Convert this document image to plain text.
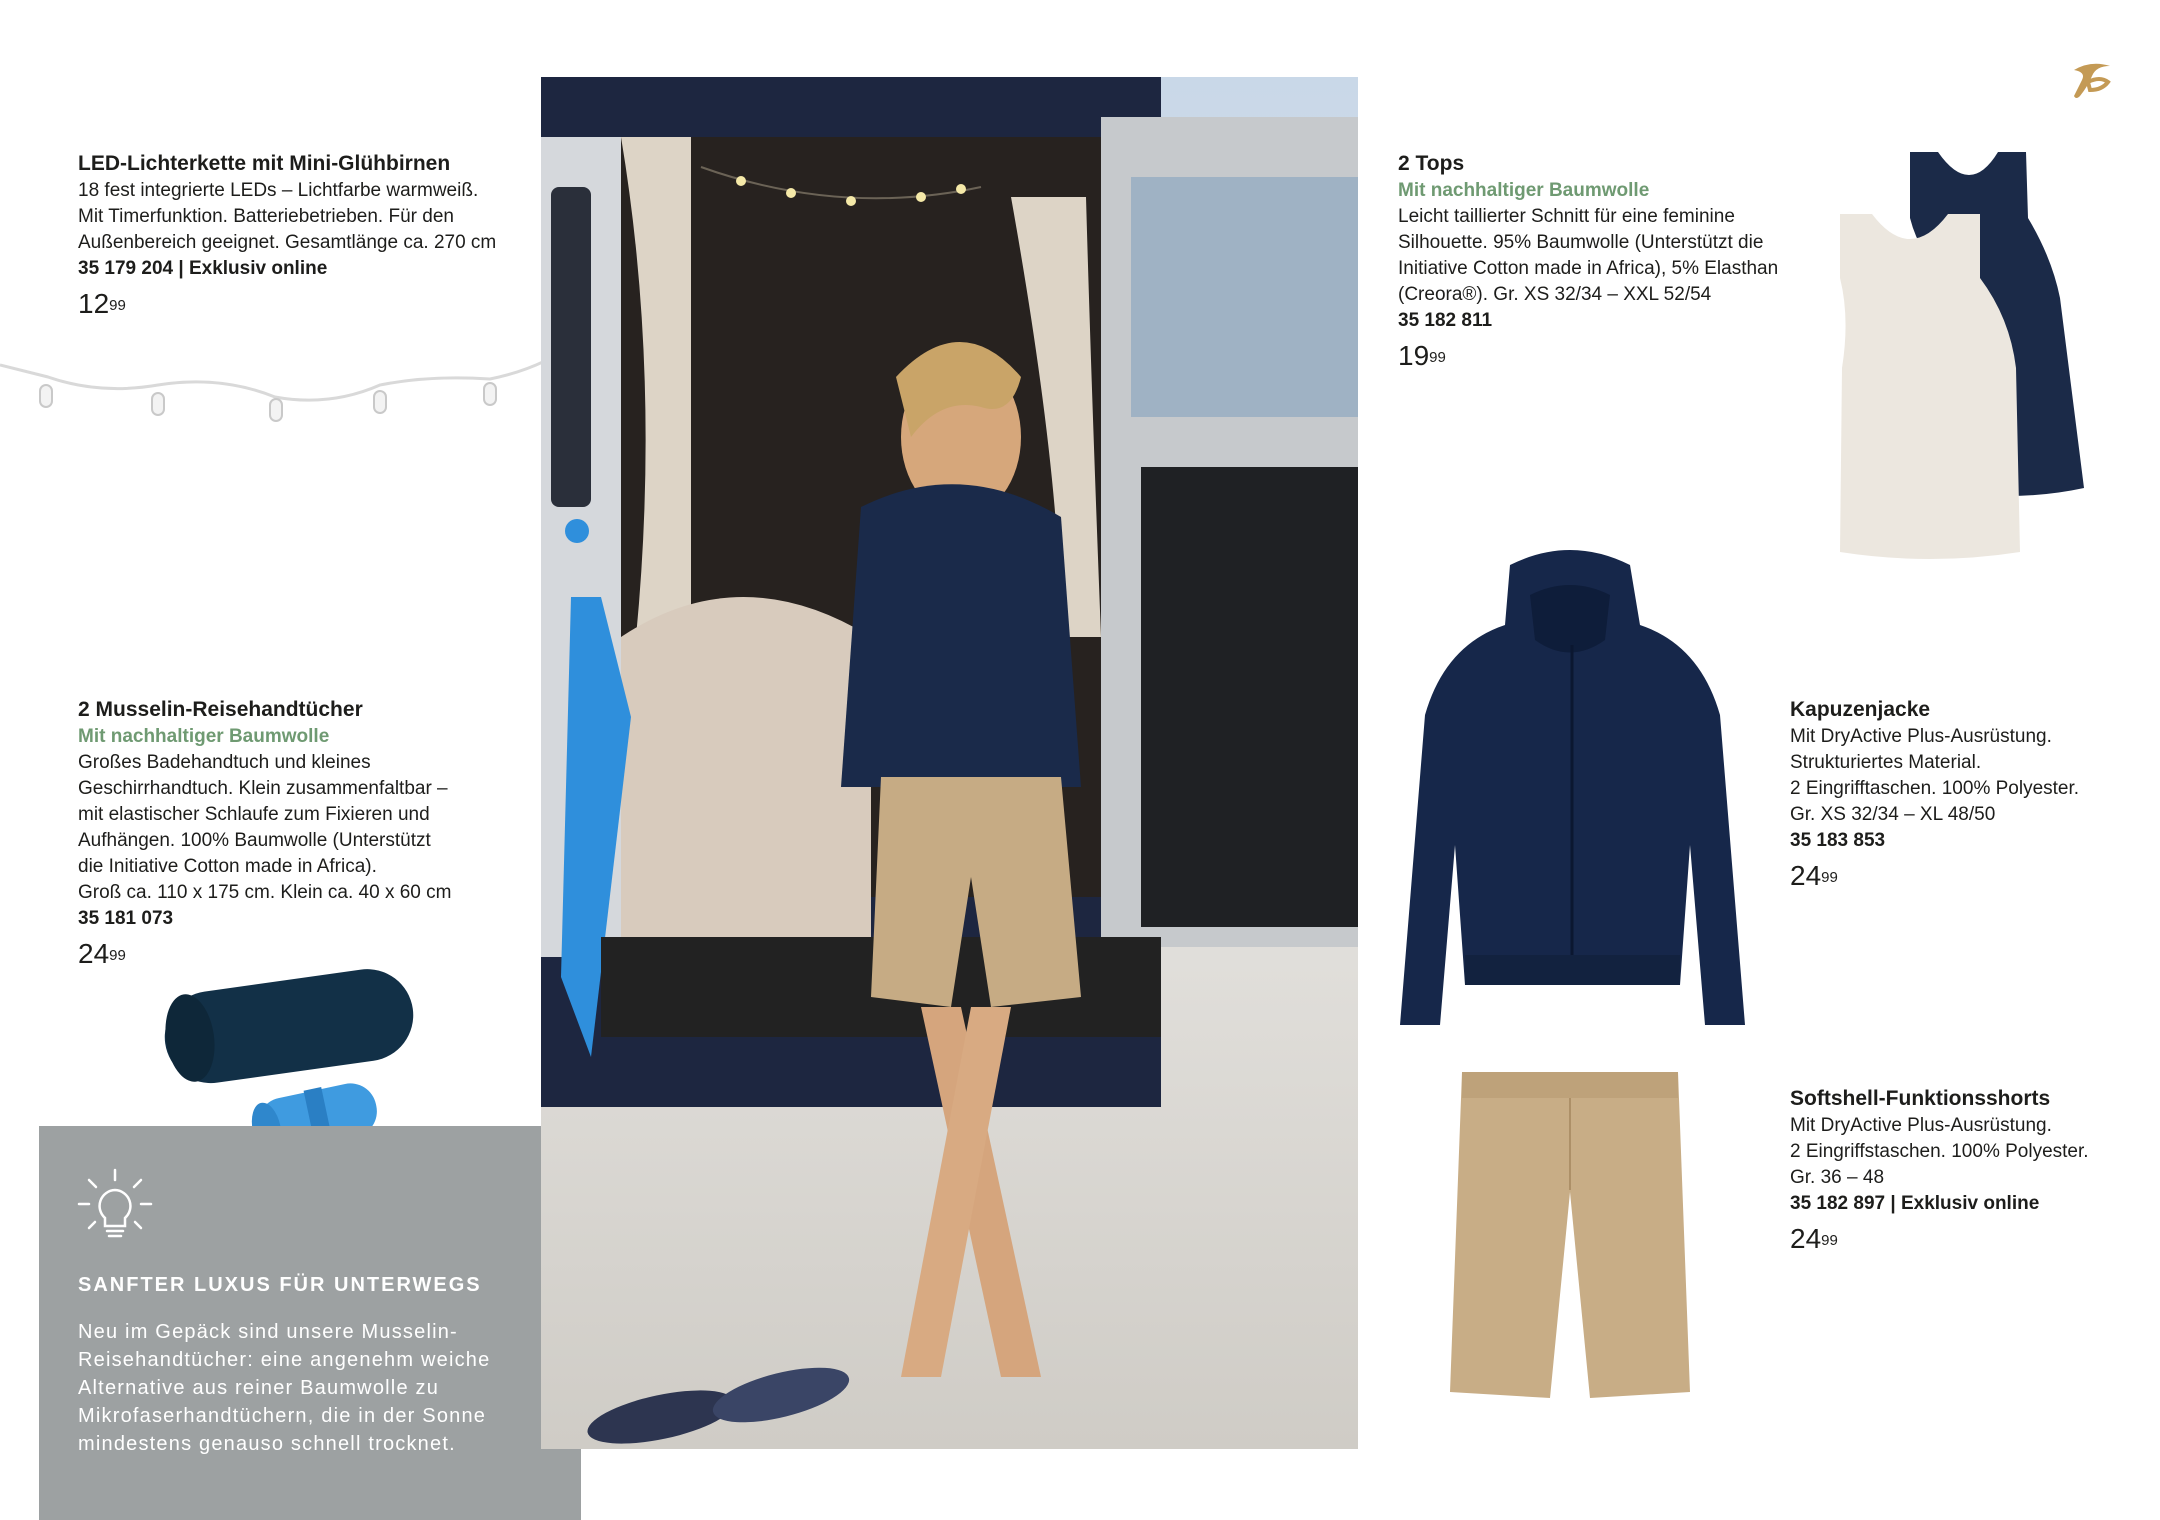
LED-Lichterkette mit Mini-Glühbirnen
18 fest integrierte LEDs – Lichtfarbe warmweiß.
Mit Timerfunktion. Batteriebetrieben. Für den
Außenbereich geeignet. Gesamtlänge ca. 270 cm
35 179 204 | Exklusiv online
$12^{99}$
2 Musselin-Reisehandtücher
Mit nachhaltiger Baumwolle
Großes Badehandtuch und kleines
Geschirrhandtuch. Klein zusammenfaltbar –
mit elastischer Schlaufe zum Fixieren und
Aufhängen. 100% Baumwolle (Unterstützt
die Initiative Cotton made in Africa).
Groß ca. 110 x 175 cm. Klein ca. 40 x 60 cm
35 181 073
$24^{99}$
SANFTER LUXUS FÜR UNTERWEGS
Neu im Gepäck sind unsere Musselin-Reisehandtücher: eine angenehm weiche Alternative aus reiner Baumwolle zu Mikrofaserhandtüchern, die in der Sonne mindestens genauso schnell trocknet.
2 Tops
Mit nachhaltiger Baumwolle
Leicht taillierter Schnitt für eine feminine
Silhouette. 95% Baumwolle (Unterstützt die
Initiative Cotton made in Africa), 5% Elasthan
(Creora®). Gr. XS 32/34 – XXL 52/54
35 182 811
$19^{99}$
Kapuzenjacke
Mit DryActive Plus-Ausrüstung.
Strukturiertes Material.
2 Eingrifftaschen. 100% Polyester.
Gr. XS 32/34 – XL 48/50
35 183 853
$24^{99}$
Softshell-Funktionsshorts
Mit DryActive Plus-Ausrüstung.
2 Eingriffstaschen. 100% Polyester.
Gr. 36 – 48
35 182 897 | Exklusiv online
$24^{99}$
